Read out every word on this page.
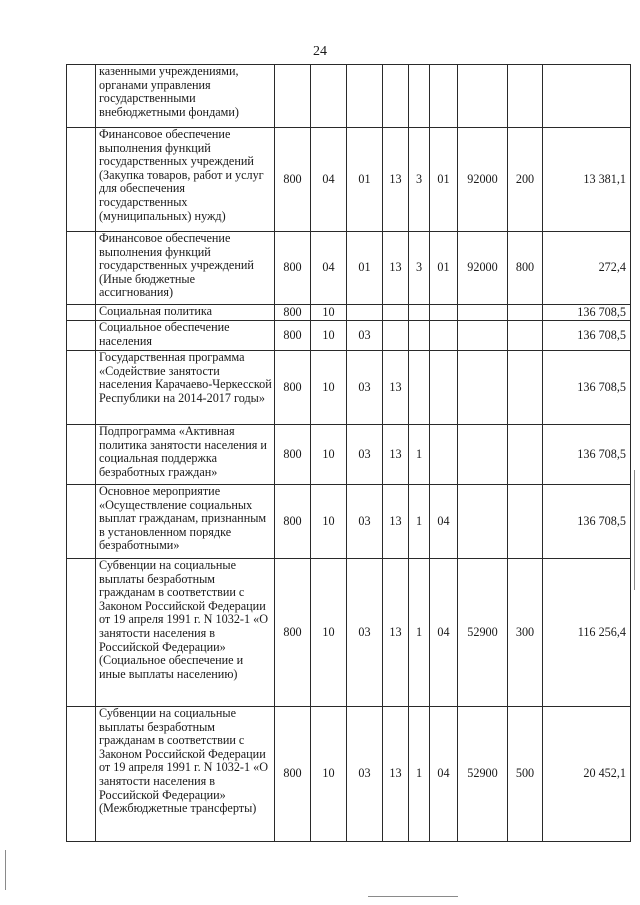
24
	казенными учреждениями, органами управления государственными внебюджетными фондами)									
	Финансовое обеспечение выполнения функций государственных учреждений (Закупка товаров, работ и услуг для обеспечения государственных (муниципальных) нужд)	800	04	01	13	3	01	92000	200	13 381,1
	Финансовое обеспечение выполнения функций государственных учреждений (Иные бюджетные ассигнования)	800	04	01	13	3	01	92000	800	272,4
	Социальная политика	800	10							136 708,5
	Социальное обеспечение населения	800	10	03						136 708,5
	Государственная программа «Содействие занятости населения Карачаево-Черкесской Республики на 2014-2017 годы»	800	10	03	13					136 708,5
	Подпрограмма «Активная политика занятости населения и социальная поддержка безработных граждан»	800	10	03	13	1				136 708,5
	Основное мероприятие «Осуществление социальных выплат гражданам, признанным в установленном порядке безработными»	800	10	03	13	1	04			136 708,5
	Субвенции на социальные выплаты безработным гражданам в соответствии с Законом Российской Федерации от 19 апреля 1991 г. N 1032-1 «О занятости населения в Российской Федерации» (Социальное обеспечение и иные выплаты населению)	800	10	03	13	1	04	52900	300	116 256,4
	Субвенции на социальные выплаты безработным гражданам в соответствии с Законом Российской Федерации от 19 апреля 1991 г. N 1032-1 «О занятости населения в Российской Федерации» (Межбюджетные трансферты)	800	10	03	13	1	04	52900	500	20 452,1
